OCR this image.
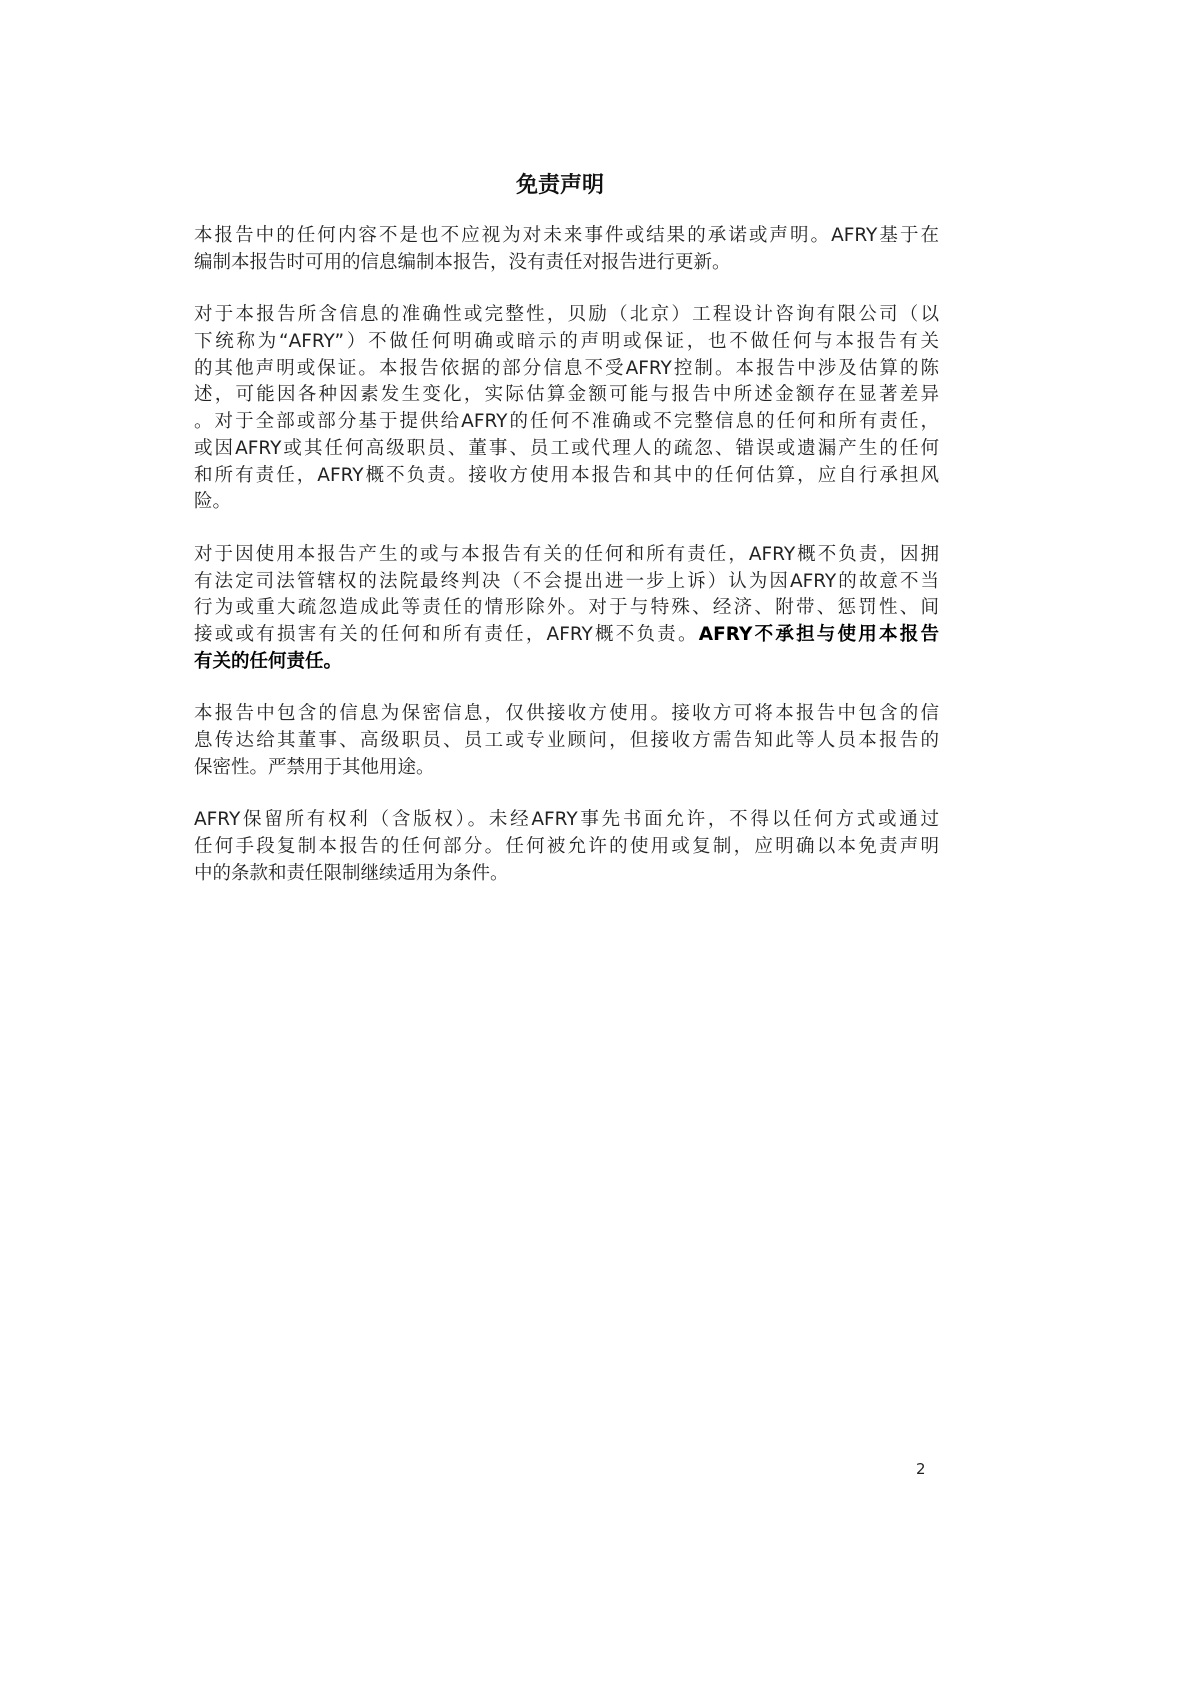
免责声明
本报告中的任何内容不是也不应视为对未来事件或结果的承诺或声明。AFRY基于在
编制本报告时可用的信息编制本报告，没有责任对报告进行更新。
对于本报告所含信息的准确性或完整性，贝励（北京）工程设计咨询有限公司（以
下统称为“AFRY”）不做任何明确或暗示的声明或保证，也不做任何与本报告有关
的其他声明或保证。本报告依据的部分信息不受AFRY控制。本报告中涉及估算的陈
述，可能因各种因素发生变化，实际估算金额可能与报告中所述金额存在显著差异
。对于全部或部分基于提供给AFRY的任何不准确或不完整信息的任何和所有责任，
或因AFRY或其任何高级职员、董事、员工或代理人的疏忽、错误或遗漏产生的任何
和所有责任，AFRY概不负责。接收方使用本报告和其中的任何估算，应自行承担风
险。
对于因使用本报告产生的或与本报告有关的任何和所有责任，AFRY概不负责，因拥
有法定司法管辖权的法院最终判决（不会提出进一步上诉）认为因AFRY的故意不当
行为或重大疏忽造成此等责任的情形除外。对于与特殊、经济、附带、惩罚性、间
接或或有损害有关的任何和所有责任，AFRY概不负责。AFRY不承担与使用本报告
有关的任何责任。
本报告中包含的信息为保密信息，仅供接收方使用。接收方可将本报告中包含的信
息传达给其董事、高级职员、员工或专业顾问，但接收方需告知此等人员本报告的
保密性。严禁用于其他用途。
AFRY保留所有权利（含版权）。未经AFRY事先书面允许，不得以任何方式或通过
任何手段复制本报告的任何部分。任何被允许的使用或复制，应明确以本免责声明
中的条款和责任限制继续适用为条件。
2
